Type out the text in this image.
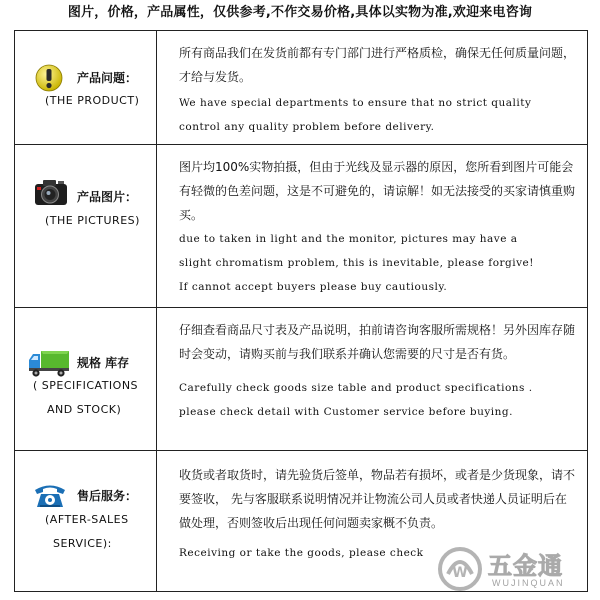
图片，价格，产品属性，仅供参考,不作交易价格,具体以实物为准,欢迎来电咨询
产品问题：
(THE PRODUCT)
所有商品我们在发货前都有专门部门进行严格质检，确保无任何质量问题，才给与发货。
We have special departments to ensure that no strict quality
control any quality problem before delivery.
产品图片：
(THE PICTURES)
图片均100%实物拍摄，但由于光线及显示器的原因，您所看到图片可能会有轻微的色差问题，这是不可避免的，请谅解！如无法接受的买家请慎重购买。
due to taken in light and the monitor, pictures may have a
slight chromatism problem, this is inevitable, please forgive!
If cannot accept buyers please buy cautiously.
规格 库存
( SPECIFICATIONS
AND STOCK)
仔细查看商品尺寸表及产品说明，拍前请咨询客服所需规格！另外因库存随时会变动，请购买前与我们联系并确认您需要的尺寸是否有货。
Carefully check goods size table and product specifications .
please check detail with Customer service before buying.
售后服务：
(AFTER-SALES
SERVICE):
收货或者取货时，请先验货后签单，物品若有损坏，或者是少货现象，请不要签收， 先与客服联系说明情况并让物流公司人员或者快递人员证明后在做处理，否则签收后出现任何问题卖家概不负责。
Receiving or take the goods, please check
W 五金通
WUJINQUAN
